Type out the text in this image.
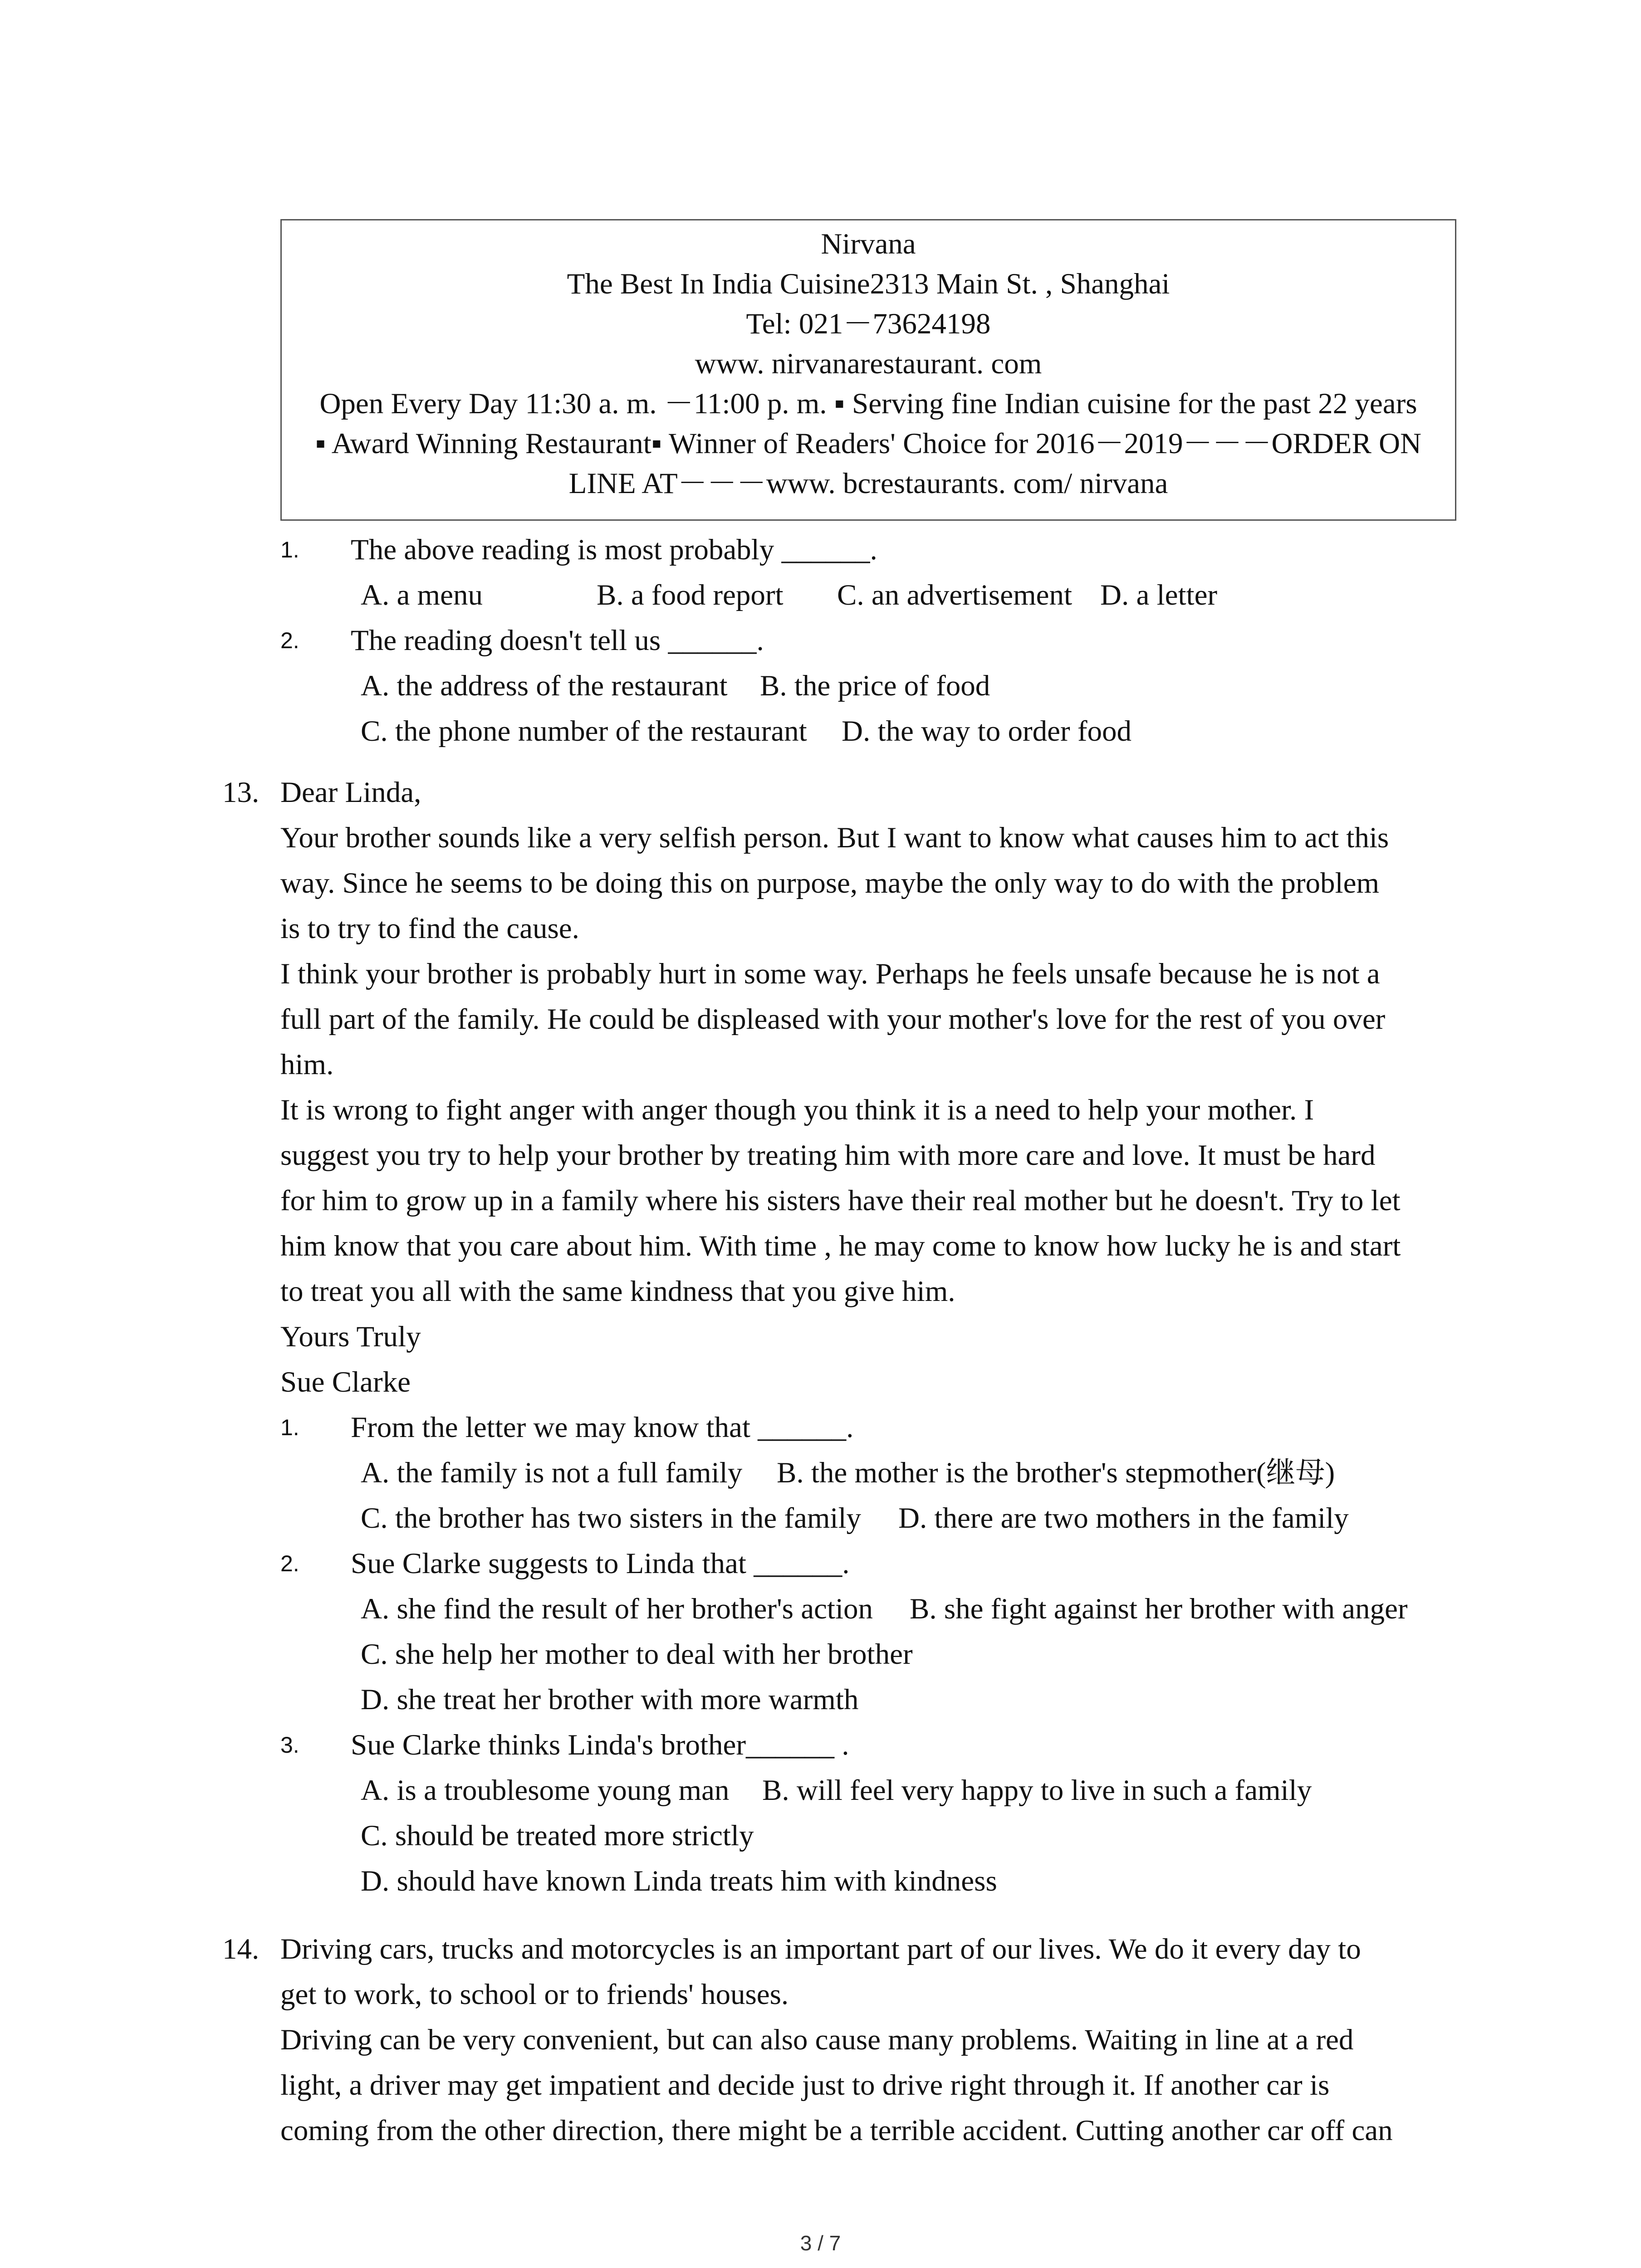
Nirvana
The Best In India Cuisine2313 Main St. , Shanghai
Tel: 021－73624198
www. nirvanarestaurant. com
Open Every Day 11:30 a. m. －11:00 p. m. ▪ Serving fine Indian cuisine for the past 22 years
▪ Award Winning Restaurant▪ Winner of Readers' Choice for 2016－2019－－－ORDER ON
LINE AT－－－www. bcrestaurants. com/ nirvana
1. The above reading is most probably ______.
A. a menu	B. a food report C. an advertisement D. a letter
2. The reading doesn't tell us ______.
A. the address of the restaurant B. the price of food
C. the phone number of the restaurant D. the way to order food
13. Dear Linda,
Your brother sounds like a very selfish person. But I want to know what causes him to act this
way. Since he seems to be doing this on purpose, maybe the only way to do with the problem
is to try to find the cause.
I think your brother is probably hurt in some way. Perhaps he feels unsafe because he is not a
full part of the family. He could be displeased with your mother's love for the rest of you over
him.
It is wrong to fight anger with anger though you think it is a need to help your mother. I
suggest you try to help your brother by treating him with more care and love. It must be hard
for him to grow up in a family where his sisters have their real mother but he doesn't. Try to let
him know that you care about him. With time , he may come to know how lucky he is and start
to treat you all with the same kindness that you give him.
Yours Truly
Sue Clarke
1. From the letter we may know that ______.
A. the family is not a full family B. the mother is the brother's stepmother(继母)
C. the brother has two sisters in the family D. there are two mothers in the family
2. Sue Clarke suggests to Linda that ______.
A. she find the result of her brother's action B. she fight against her brother with anger
C. she help her mother to deal with her brother
D. she treat her brother with more warmth
3. Sue Clarke thinks Linda's brother______ .
A. is a troublesome young man B. will feel very happy to live in such a family
C. should be treated more strictly
D. should have known Linda treats him with kindness
14. Driving cars, trucks and motorcycles is an important part of our lives. We do it every day to
get to work, to school or to friends' houses.
Driving can be very convenient, but can also cause many problems. Waiting in line at a red
light, a driver may get impatient and decide just to drive right through it. If another car is
coming from the other direction, there might be a terrible accident. Cutting another car off can
3 / 7
